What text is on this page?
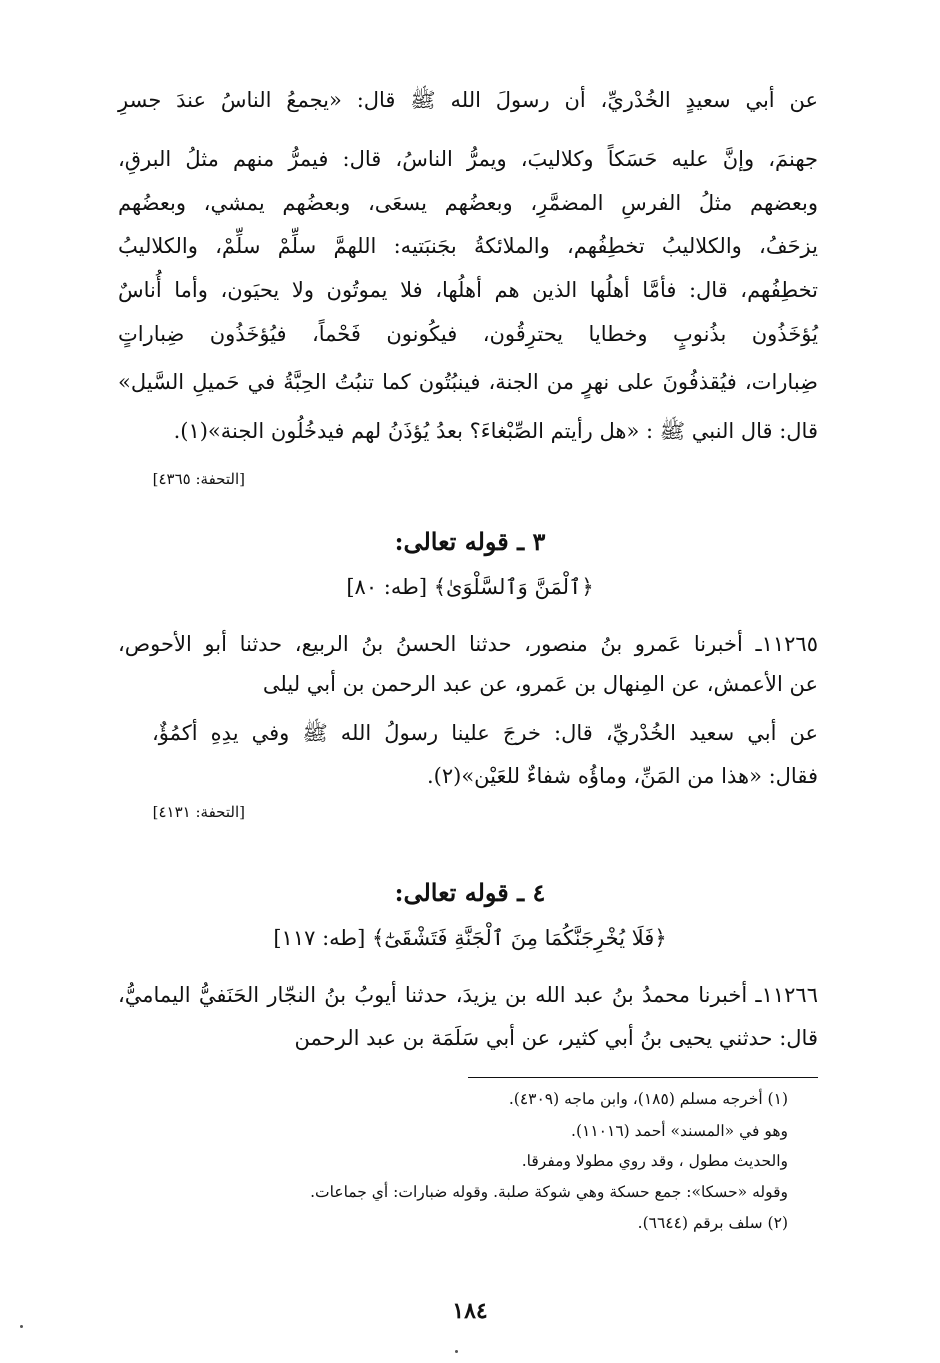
عن أبي سعيدٍ الخُدْريِّ، أن رسولَ الله ﷺ قال: «يجمعُ الناسُ عندَ جسرِ
جهنمَ، وإنَّ عليه حَسَكاً وكلاليبَ، ويمرُّ الناسُ، قال: فيمرُّ منهم مثلُ البرقِ،
وبعضهم مثلُ الفرسِ المضمَّرِ، وبعضُهم يسعَى، وبعضُهم يمشي، وبعضُهم
يزحَفُ، والكلاليبُ تخطِفُهم، والملائكةُ بجَنبَتيه: اللهمَّ سلِّمْ سلِّمْ، والكلاليبُ
تخطِفُهم، قال: فأمَّا أهلُها الذين هم أهلُها، فلا يموتُون ولا يحيَون، وأما أُناسٌ
يُؤخَذُون بذُنوبٍ وخطايا يحترِقُون، فيكُونون فَحْماً، فيُؤخَذُون ضِباراتٍ
ضِبارات، فيُقذفُونَ على نهرٍ من الجنة، فينبُتُون كما تنبُتُ الحِبَّةُ في حَميلِ السَّيل»
قال: قال النبي ﷺ : «هل رأيتم الصِّبْغاءَ؟ بعدُ يُؤذَنُ لهم فيدخُلُون الجنة»(١).
[التحفة: ٤٣٦٥]
٣ ـ قوله تعالى:
﴿ٱلْمَنَّ وَٱلسَّلْوَىٰ﴾ [طه: ٨٠]
١١٢٦٥ـ أخبرنا عَمرو بنُ منصور، حدثنا الحسنُ بنُ الربيع، حدثنا أبو الأحوص،
عن الأعمش، عن المِنهال بن عَمرو، عن عبد الرحمن بن أبي ليلى
عن أبي سعيد الخُدْريِّ، قال: خرجَ علينا رسولُ الله ﷺ وفي يدِهِ أكمُؤٌ،
فقال: «هذا من المَنِّ، وماؤُه شفاءٌ للعَيْن»(٢).
[التحفة: ٤١٣١]
٤ ـ قوله تعالى:
﴿فَلَا يُخْرِجَنَّكُمَا مِنَ ٱلْجَنَّةِ فَتَشْقَىٰٓ﴾ [طه: ١١٧]
١١٢٦٦ـ أخبرنا محمدُ بنُ عبد الله بن يزيدَ، حدثنا أيوبُ بنُ النجّار الحَنَفيُّ اليماميُّ،
قال: حدثني يحيى بنُ أبي كثير، عن أبي سَلَمَة بن عبد الرحمن
(١) أخرجه مسلم (١٨٥)، وابن ماجه (٤٣٠٩).
وهو في «المسند» أحمد (١١٠١٦).
والحديث مطول ، وقد روي مطولا ومفرقا.
وقوله «حسكا»: جمع حسكة وهي شوكة صلبة. وقوله ضبارات: أي جماعات.
(٢) سلف برقم (٦٦٤٤).
١٨٤
